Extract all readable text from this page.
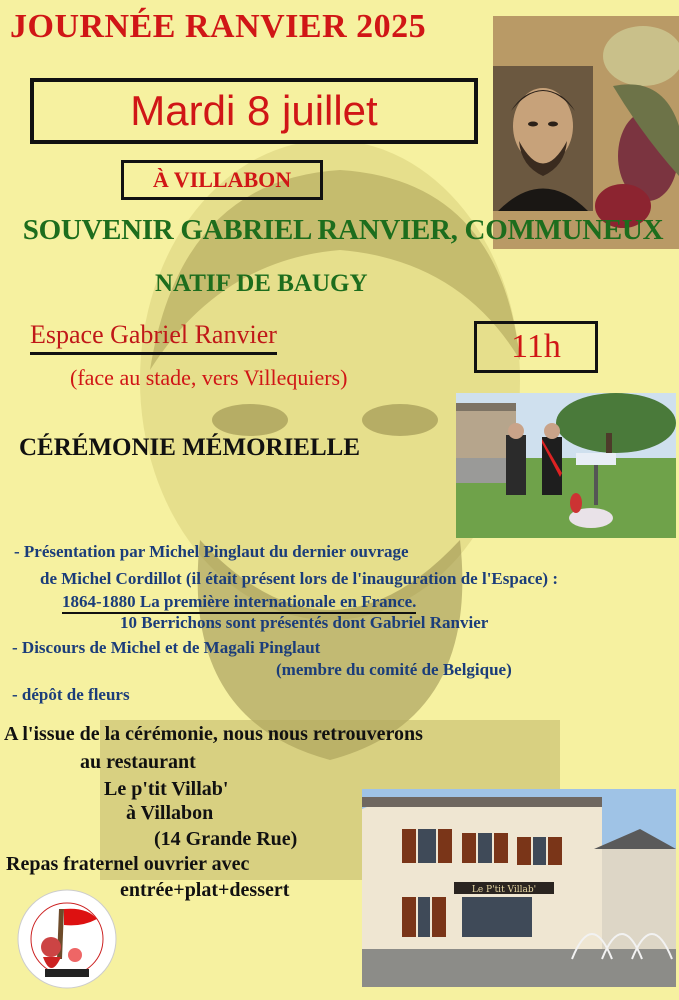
JOURNÉE RANVIER 2025
Mardi 8 juillet
À VILLABON
SOUVENIR GABRIEL RANVIER, COMMUNEUX
NATIF DE BAUGY
Espace Gabriel Ranvier
(face au stade, vers Villequiers)
11h
CÉRÉMONIE MÉMORIELLE
- Présentation par Michel Pinglaut du dernier ouvrage
de Michel Cordillot (il était présent lors de l'inauguration de l'Espace) :
1864-1880 La première internationale en France.
10 Berrichons sont présentés dont Gabriel Ranvier
- Discours de Michel et de Magali Pinglaut
(membre du comité de Belgique)
- dépôt de fleurs
A l'issue de la cérémonie, nous nous retrouverons
au restaurant
Le p'tit Villab'
à Villabon
(14 Grande Rue)
Repas fraternel ouvrier avec
entrée+plat+dessert	Le P'tit Villab'
